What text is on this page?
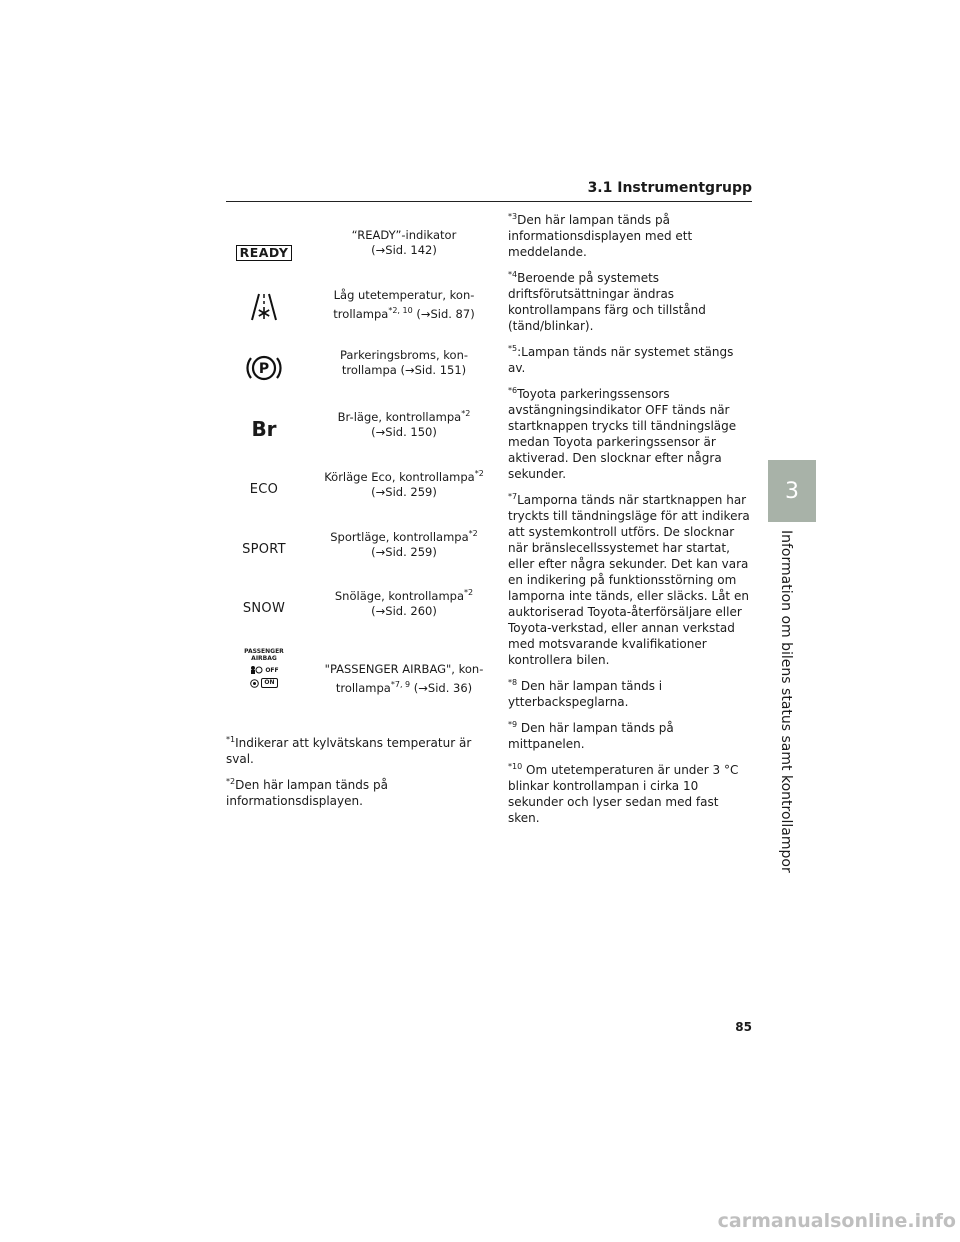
3.1 Instrumentgrupp
3
Information om bilens status samt kontrollampor
READY
“READY”-indikator
(→Sid. 142)
Låg utetemperatur, kon-
trollampa$^{*2, 10}$ (→Sid. 87)
P
Parkeringsbroms, kon-
trollampa (→Sid. 151)
Br
Br-läge, kontrollampa$^{*2}$
(→Sid. 150)
ECO
Körläge Eco, kontrollampa$^{*2}$
(→Sid. 259)
SPORT
Sportläge, kontrollampa$^{*2}$
(→Sid. 259)
SNOW
Snöläge, kontrollampa$^{*2}$
(→Sid. 260)
PASSENGER
AIRBAG
OFF
ON
"PASSENGER AIRBAG", kon-
trollampa$^{*7, 9}$ (→Sid. 36)
$^{*1}$Indikerar att kylvätskans temperatur är sval.
$^{*2}$Den här lampan tänds på informationsdisplayen.
$^{*3}$Den här lampan tänds på informationsdisplayen med ett meddelande.
$^{*4}$Beroende på systemets driftsförutsättningar ändras kontrollampans färg och tillstånd (tänd/blinkar).
$^{*5}$:Lampan tänds när systemet stängs av.
$^{*6}$Toyota parkeringssensors avstängningsindikator OFF tänds när startknappen trycks till tändningsläge medan Toyota parkeringssensor är aktiverad. Den slocknar efter några sekunder.
$^{*7}$Lamporna tänds när startknappen har tryckts till tändningsläge för att indikera att systemkontroll utförs. De slocknar när bränslecellssystemet har startat, eller efter några sekunder. Det kan vara en indikering på funktionsstörning om lamporna inte tänds, eller släcks. Låt en auktoriserad Toyota-återförsäljare eller Toyota-verkstad, eller annan verkstad med motsvarande kvalifikationer kontrollera bilen.
$^{*8}$ Den här lampan tänds i ytterbackspeglarna.
$^{*9}$ Den här lampan tänds på mittpanelen.
$^{*10}$ Om utetemperaturen är under 3 °C blinkar kontrollampan i cirka 10 sekunder och lyser sedan med fast sken.
85
carmanualsonline.info
